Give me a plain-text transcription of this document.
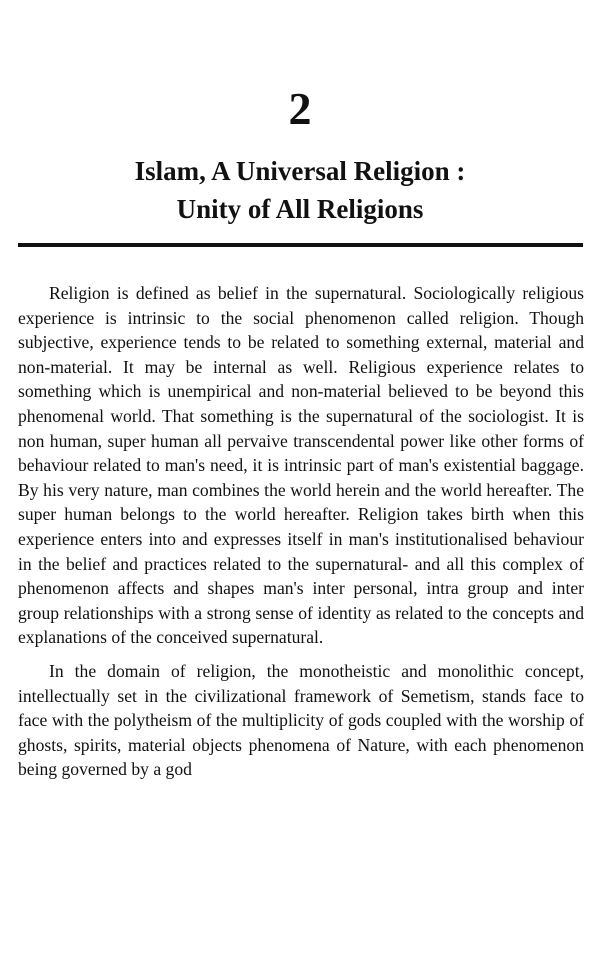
2
Islam, A Universal Religion :
Unity of All Religions

Religion is defined as belief in the supernatural. Sociologically religious experience is intrinsic to the social phenomenon called religion. Though subjective, experience tends to be related to something external, material and non-material. It may be internal as well. Religious experience relates to something which is unempirical and non-material believed to be beyond this phenomenal world. That something is the supernatural of the sociologist. It is non human, super human all pervaive transcendental power like other forms of behaviour related to man's need, it is intrinsic part of man's existential baggage. By his very nature, man combines the world herein and the world hereafter. The super human belongs to the world hereafter. Religion takes birth when this experience enters into and expresses itself in man's institutionalised behaviour in the belief and practices related to the supernatural- and all this complex of phenomenon affects and shapes man's inter personal, intra group and inter group relationships with a strong sense of identity as related to the concepts and explanations of the conceived supernatural.

In the domain of religion, the monotheistic and monolithic concept, intellectually set in the civilizational framework of Semetism, stands face to face with the polytheism of the multiplicity of gods coupled with the worship of ghosts, spirits, material objects phenomena of Nature, with each phenomenon being governed by a god
